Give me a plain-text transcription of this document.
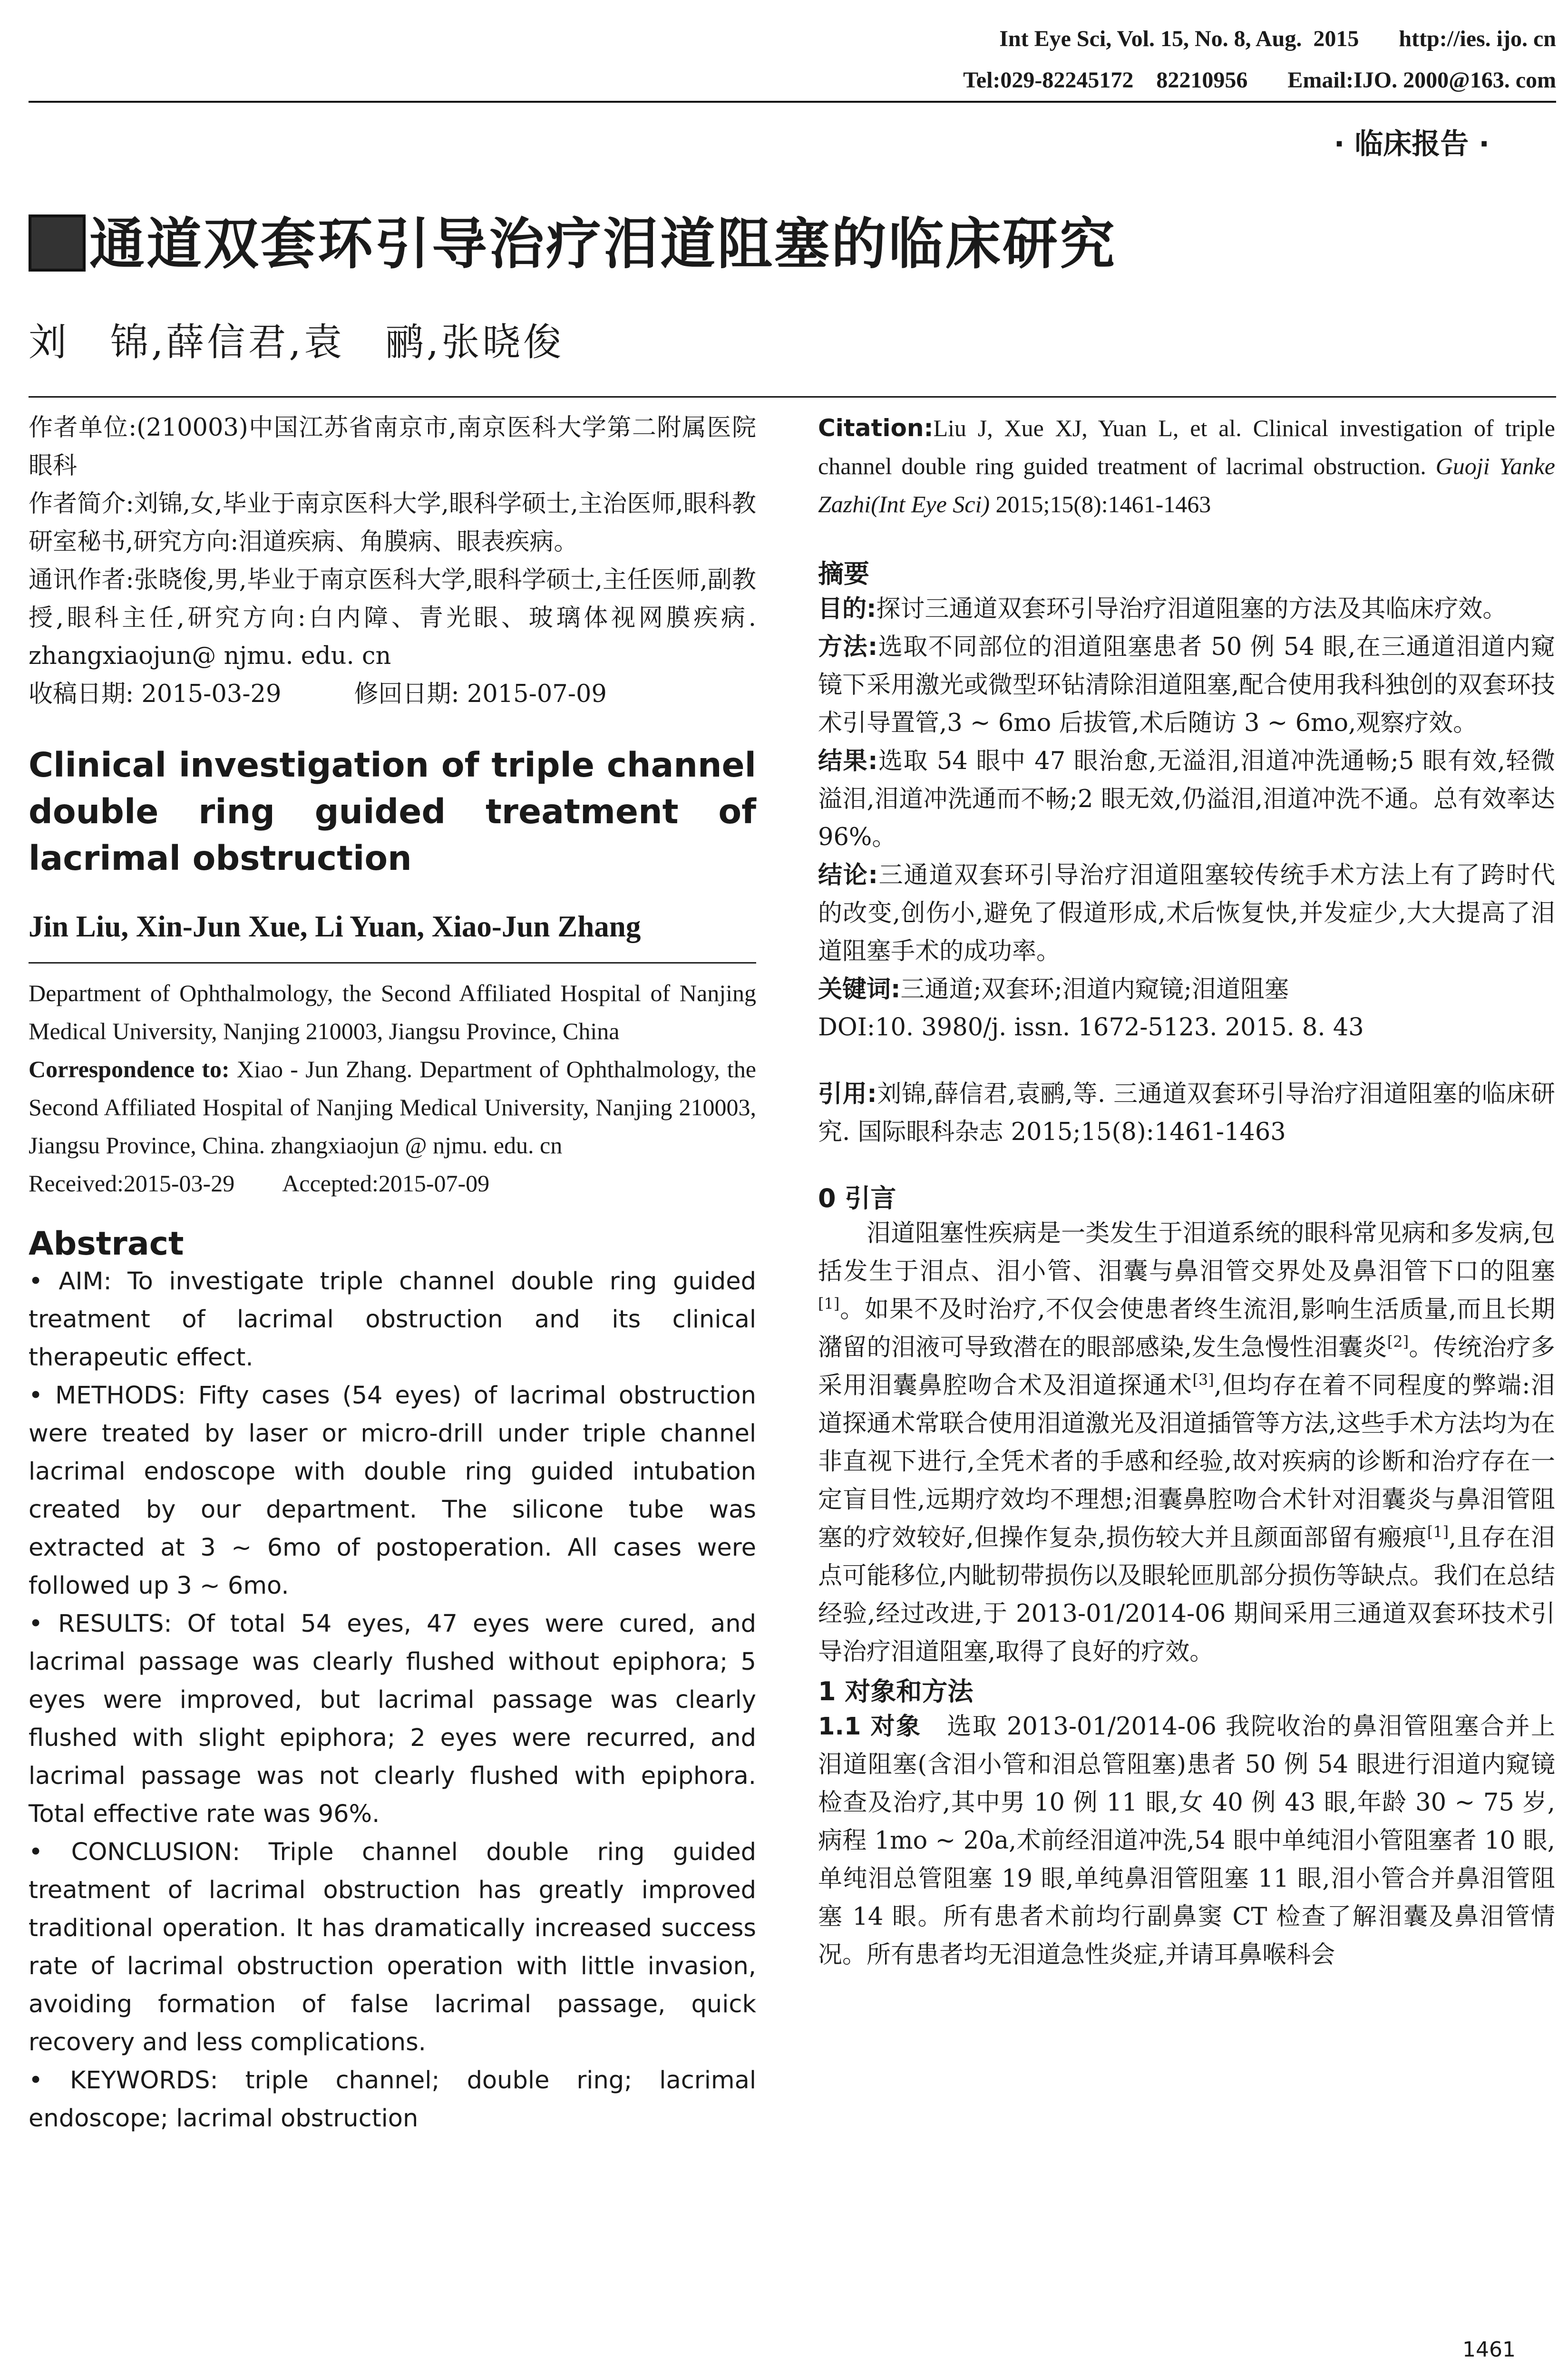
Int Eye Sci, Vol. 15, No. 8, Aug.  2015 http://ies. ijo. cn
Tel:029-82245172    82210956 Email:IJO. 2000@163. com
· 临床报告 ·
通道双套环引导治疗泪道阻塞的临床研究
刘　锦,薛信君,袁　鹂,张晓俊

作者单位:(210003)中国江苏省南京市,南京医科大学第二附属医院眼科

作者简介:刘锦,女,毕业于南京医科大学,眼科学硕士,主治医师,眼科教研室秘书,研究方向:泪道疾病、角膜病、眼表疾病。

通讯作者:张晓俊,男,毕业于南京医科大学,眼科学硕士,主任医师,副教授,眼科主任,研究方向:白内障、青光眼、玻璃体视网膜疾病. zhangxiaojun@ njmu. edu. cn

收稿日期: 2015-03-29　　　修回日期: 2015-07-09

Clinical investigation of triple channel double ring guided treatment of lacrimal obstruction

Jin Liu, Xin-Jun Xue, Li Yuan, Xiao-Jun Zhang

Department of Ophthalmology, the Second Affiliated Hospital of Nanjing Medical University, Nanjing 210003, Jiangsu Province, China

Correspondence to: Xiao - Jun Zhang. Department of Ophthalmology, the Second Affiliated Hospital of Nanjing Medical University, Nanjing 210003, Jiangsu Province, China. zhangxiaojun @ njmu. edu. cn

Received:2015-03-29　　Accepted:2015-07-09

Abstract

• AIM: To investigate triple channel double ring guided treatment of lacrimal obstruction and its clinical therapeutic effect.

• METHODS: Fifty cases (54 eyes) of lacrimal obstruction were treated by laser or micro-drill under triple channel lacrimal endoscope with double ring guided intubation created by our department. The silicone tube was extracted at 3 ~ 6mo of postoperation. All cases were followed up 3 ~ 6mo.

• RESULTS: Of total 54 eyes, 47 eyes were cured, and lacrimal passage was clearly flushed without epiphora; 5 eyes were improved, but lacrimal passage was clearly flushed with slight epiphora; 2 eyes were recurred, and lacrimal passage was not clearly flushed with epiphora. Total effective rate was 96%.

• CONCLUSION: Triple channel double ring guided treatment of lacrimal obstruction has greatly improved traditional operation. It has dramatically increased success rate of lacrimal obstruction operation with little invasion, avoiding formation of false lacrimal passage, quick recovery and less complications.

• KEYWORDS: triple channel; double ring; lacrimal endoscope; lacrimal obstruction

Citation:Liu J, Xue XJ, Yuan L, et al. Clinical investigation of triple channel double ring guided treatment of lacrimal obstruction. Guoji Yanke Zazhi(Int Eye Sci) 2015;15(8):1461-1463

摘要

目的:探讨三通道双套环引导治疗泪道阻塞的方法及其临床疗效。

方法:选取不同部位的泪道阻塞患者 50 例 54 眼,在三通道泪道内窥镜下采用激光或微型环钻清除泪道阻塞,配合使用我科独创的双套环技术引导置管,3 ~ 6mo 后拔管,术后随访 3 ~ 6mo,观察疗效。

结果:选取 54 眼中 47 眼治愈,无溢泪,泪道冲洗通畅;5 眼有效,轻微溢泪,泪道冲洗通而不畅;2 眼无效,仍溢泪,泪道冲洗不通。总有效率达 96%。

结论:三通道双套环引导治疗泪道阻塞较传统手术方法上有了跨时代的改变,创伤小,避免了假道形成,术后恢复快,并发症少,大大提高了泪道阻塞手术的成功率。

关键词:三通道;双套环;泪道内窥镜;泪道阻塞

DOI:10. 3980/j. issn. 1672-5123. 2015. 8. 43

引用:刘锦,薛信君,袁鹂,等. 三通道双套环引导治疗泪道阻塞的临床研究. 国际眼科杂志 2015;15(8):1461-1463

0 引言

泪道阻塞性疾病是一类发生于泪道系统的眼科常见病和多发病,包括发生于泪点、泪小管、泪囊与鼻泪管交界处及鼻泪管下口的阻塞[1]。如果不及时治疗,不仅会使患者终生流泪,影响生活质量,而且长期潴留的泪液可导致潜在的眼部感染,发生急慢性泪囊炎[2]。传统治疗多采用泪囊鼻腔吻合术及泪道探通术[3],但均存在着不同程度的弊端:泪道探通术常联合使用泪道激光及泪道插管等方法,这些手术方法均为在非直视下进行,全凭术者的手感和经验,故对疾病的诊断和治疗存在一定盲目性,远期疗效均不理想;泪囊鼻腔吻合术针对泪囊炎与鼻泪管阻塞的疗效较好,但操作复杂,损伤较大并且颜面部留有瘢痕[1],且存在泪点可能移位,内眦韧带损伤以及眼轮匝肌部分损伤等缺点。我们在总结经验,经过改进,于 2013-01/2014-06 期间采用三通道双套环技术引导治疗泪道阻塞,取得了良好的疗效。

1 对象和方法

1.1 对象　选取 2013-01/2014-06 我院收治的鼻泪管阻塞合并上泪道阻塞(含泪小管和泪总管阻塞)患者 50 例 54 眼进行泪道内窥镜检查及治疗,其中男 10 例 11 眼,女 40 例 43 眼,年龄 30 ~ 75 岁,病程 1mo ~ 20a,术前经泪道冲洗,54 眼中单纯泪小管阻塞者 10 眼,单纯泪总管阻塞 19 眼,单纯鼻泪管阻塞 11 眼,泪小管合并鼻泪管阻塞 14 眼。所有患者术前均行副鼻窦 CT 检查了解泪囊及鼻泪管情况。所有患者均无泪道急性炎症,并请耳鼻喉科会

1461
